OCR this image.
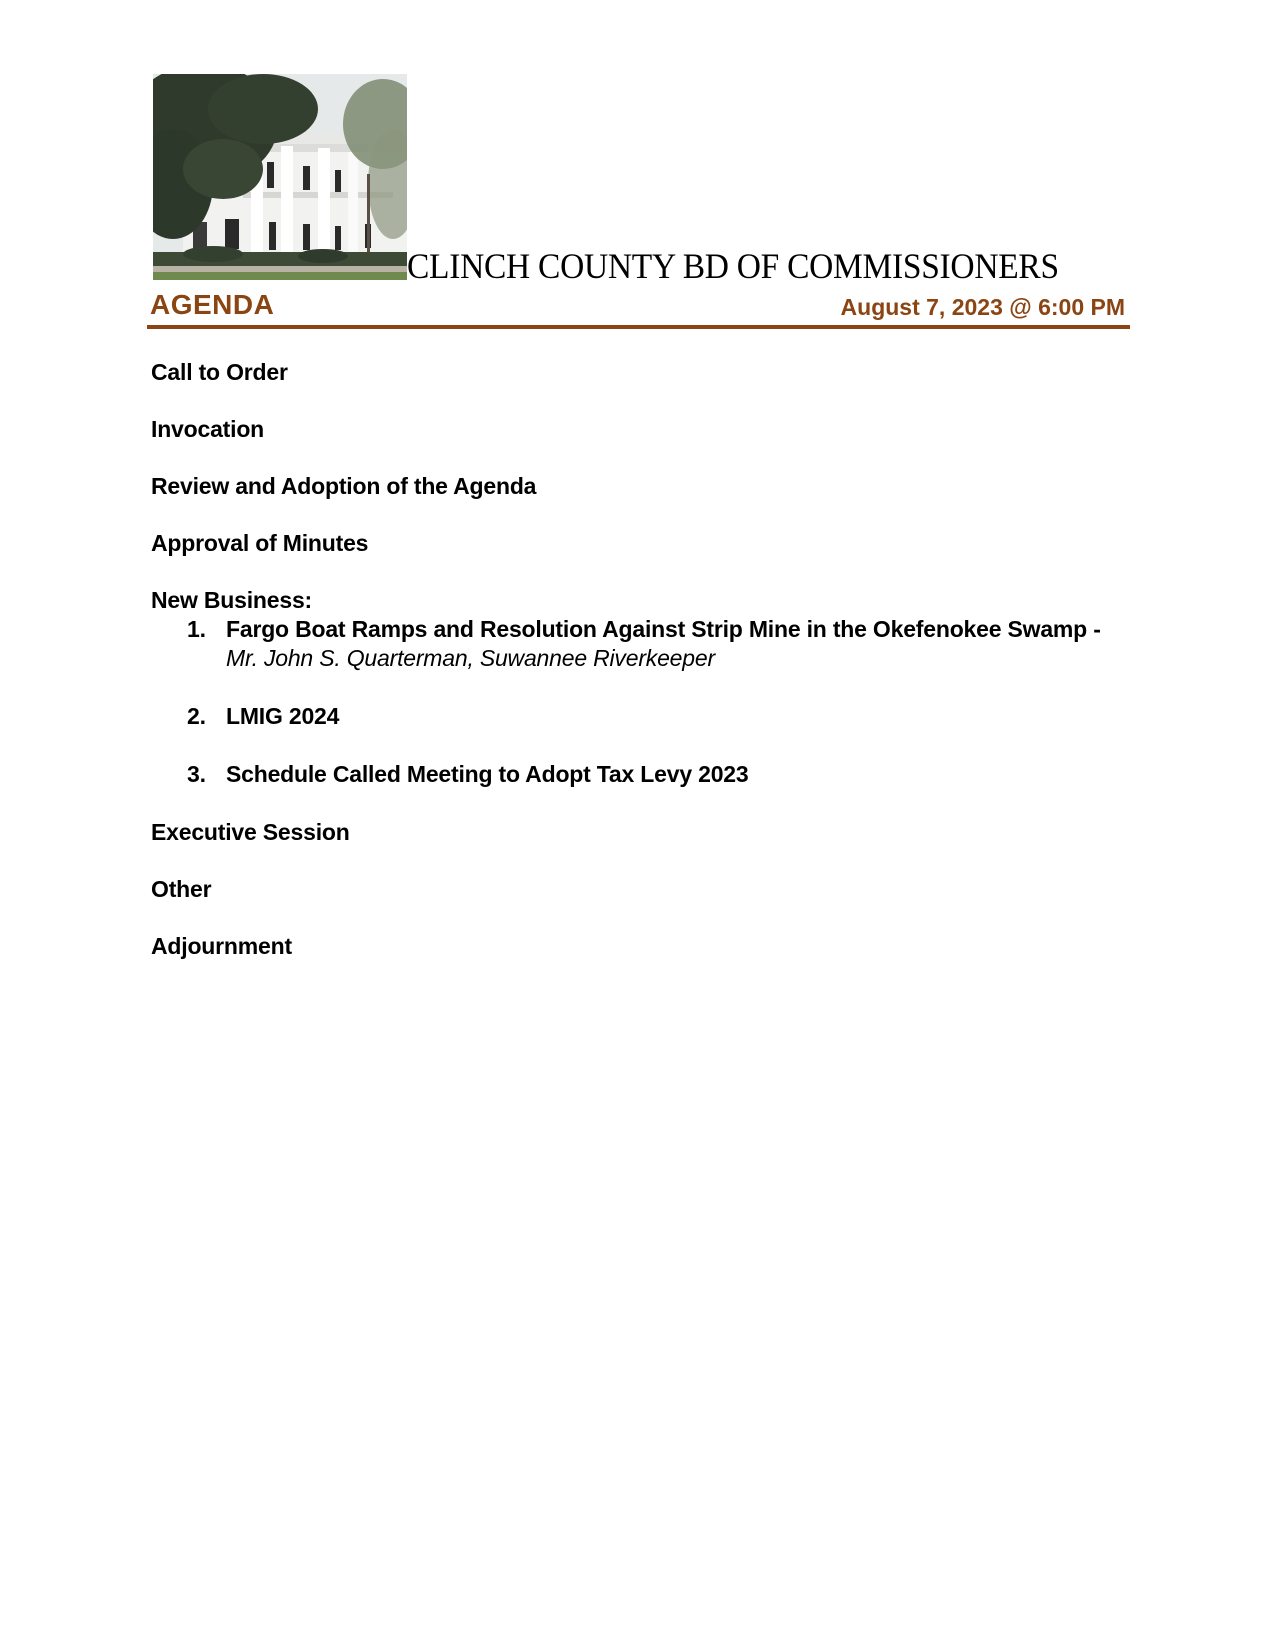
CLINCH COUNTY BD OF COMMISSIONERS
AGENDA	August 7, 2023 @ 6:00 PM
Call to Order
Invocation
Review and Adoption of the Agenda
Approval of Minutes
New Business:
1. Fargo Boat Ramps and Resolution Against Strip Mine in the Okefenokee Swamp - Mr. John S. Quarterman, Suwannee Riverkeeper
2. LMIG 2024
3. Schedule Called Meeting to Adopt Tax Levy 2023
Executive Session
Other
Adjournment
